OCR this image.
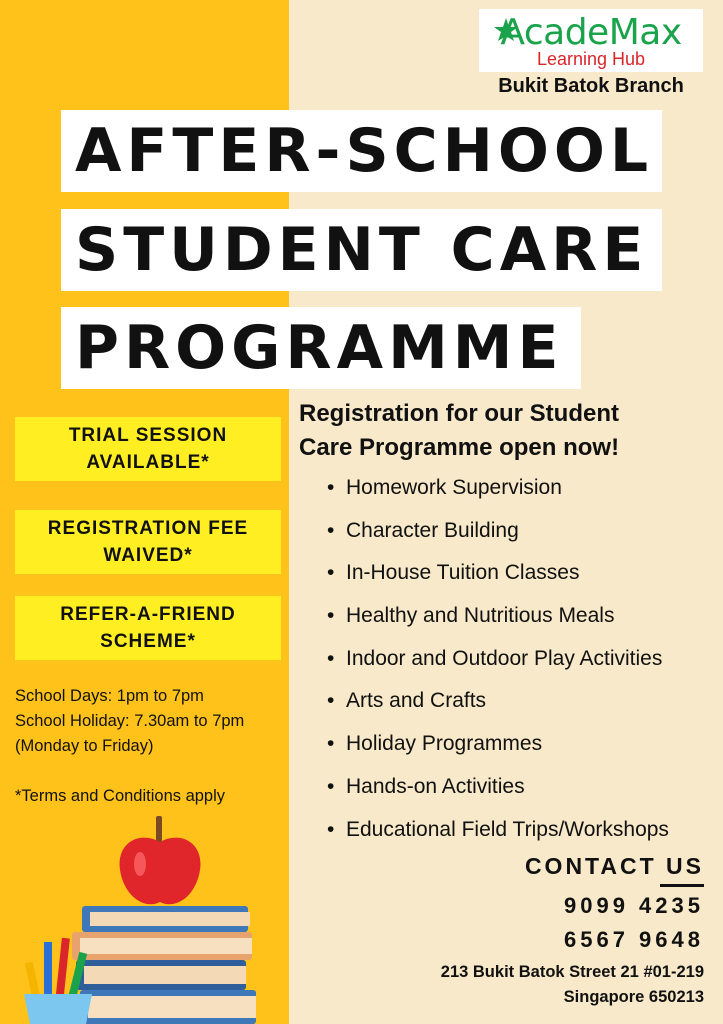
AcadeMax
Learning Hub
Bukit Batok Branch
AFTER-SCHOOL
STUDENT CARE
PROGRAMME
TRIAL SESSION
AVAILABLE*
REGISTRATION FEE
WAIVED*
REFER-A-FRIEND
SCHEME*
School Days: 1pm to 7pm
School Holiday: 7.30am to 7pm
(Monday to Friday)
*Terms and Conditions apply
Registration for our Student
Care Programme open now!
• Homework Supervision
• Character Building
• In-House Tuition Classes
• Healthy and Nutritious Meals
• Indoor and Outdoor Play Activities
• Arts and Crafts
• Holiday Programmes
• Hands-on Activities
• Educational Field Trips/Workshops
CONTACT US
9099 4235
6567 9648
213 Bukit Batok Street 21 #01-219
Singapore 650213
